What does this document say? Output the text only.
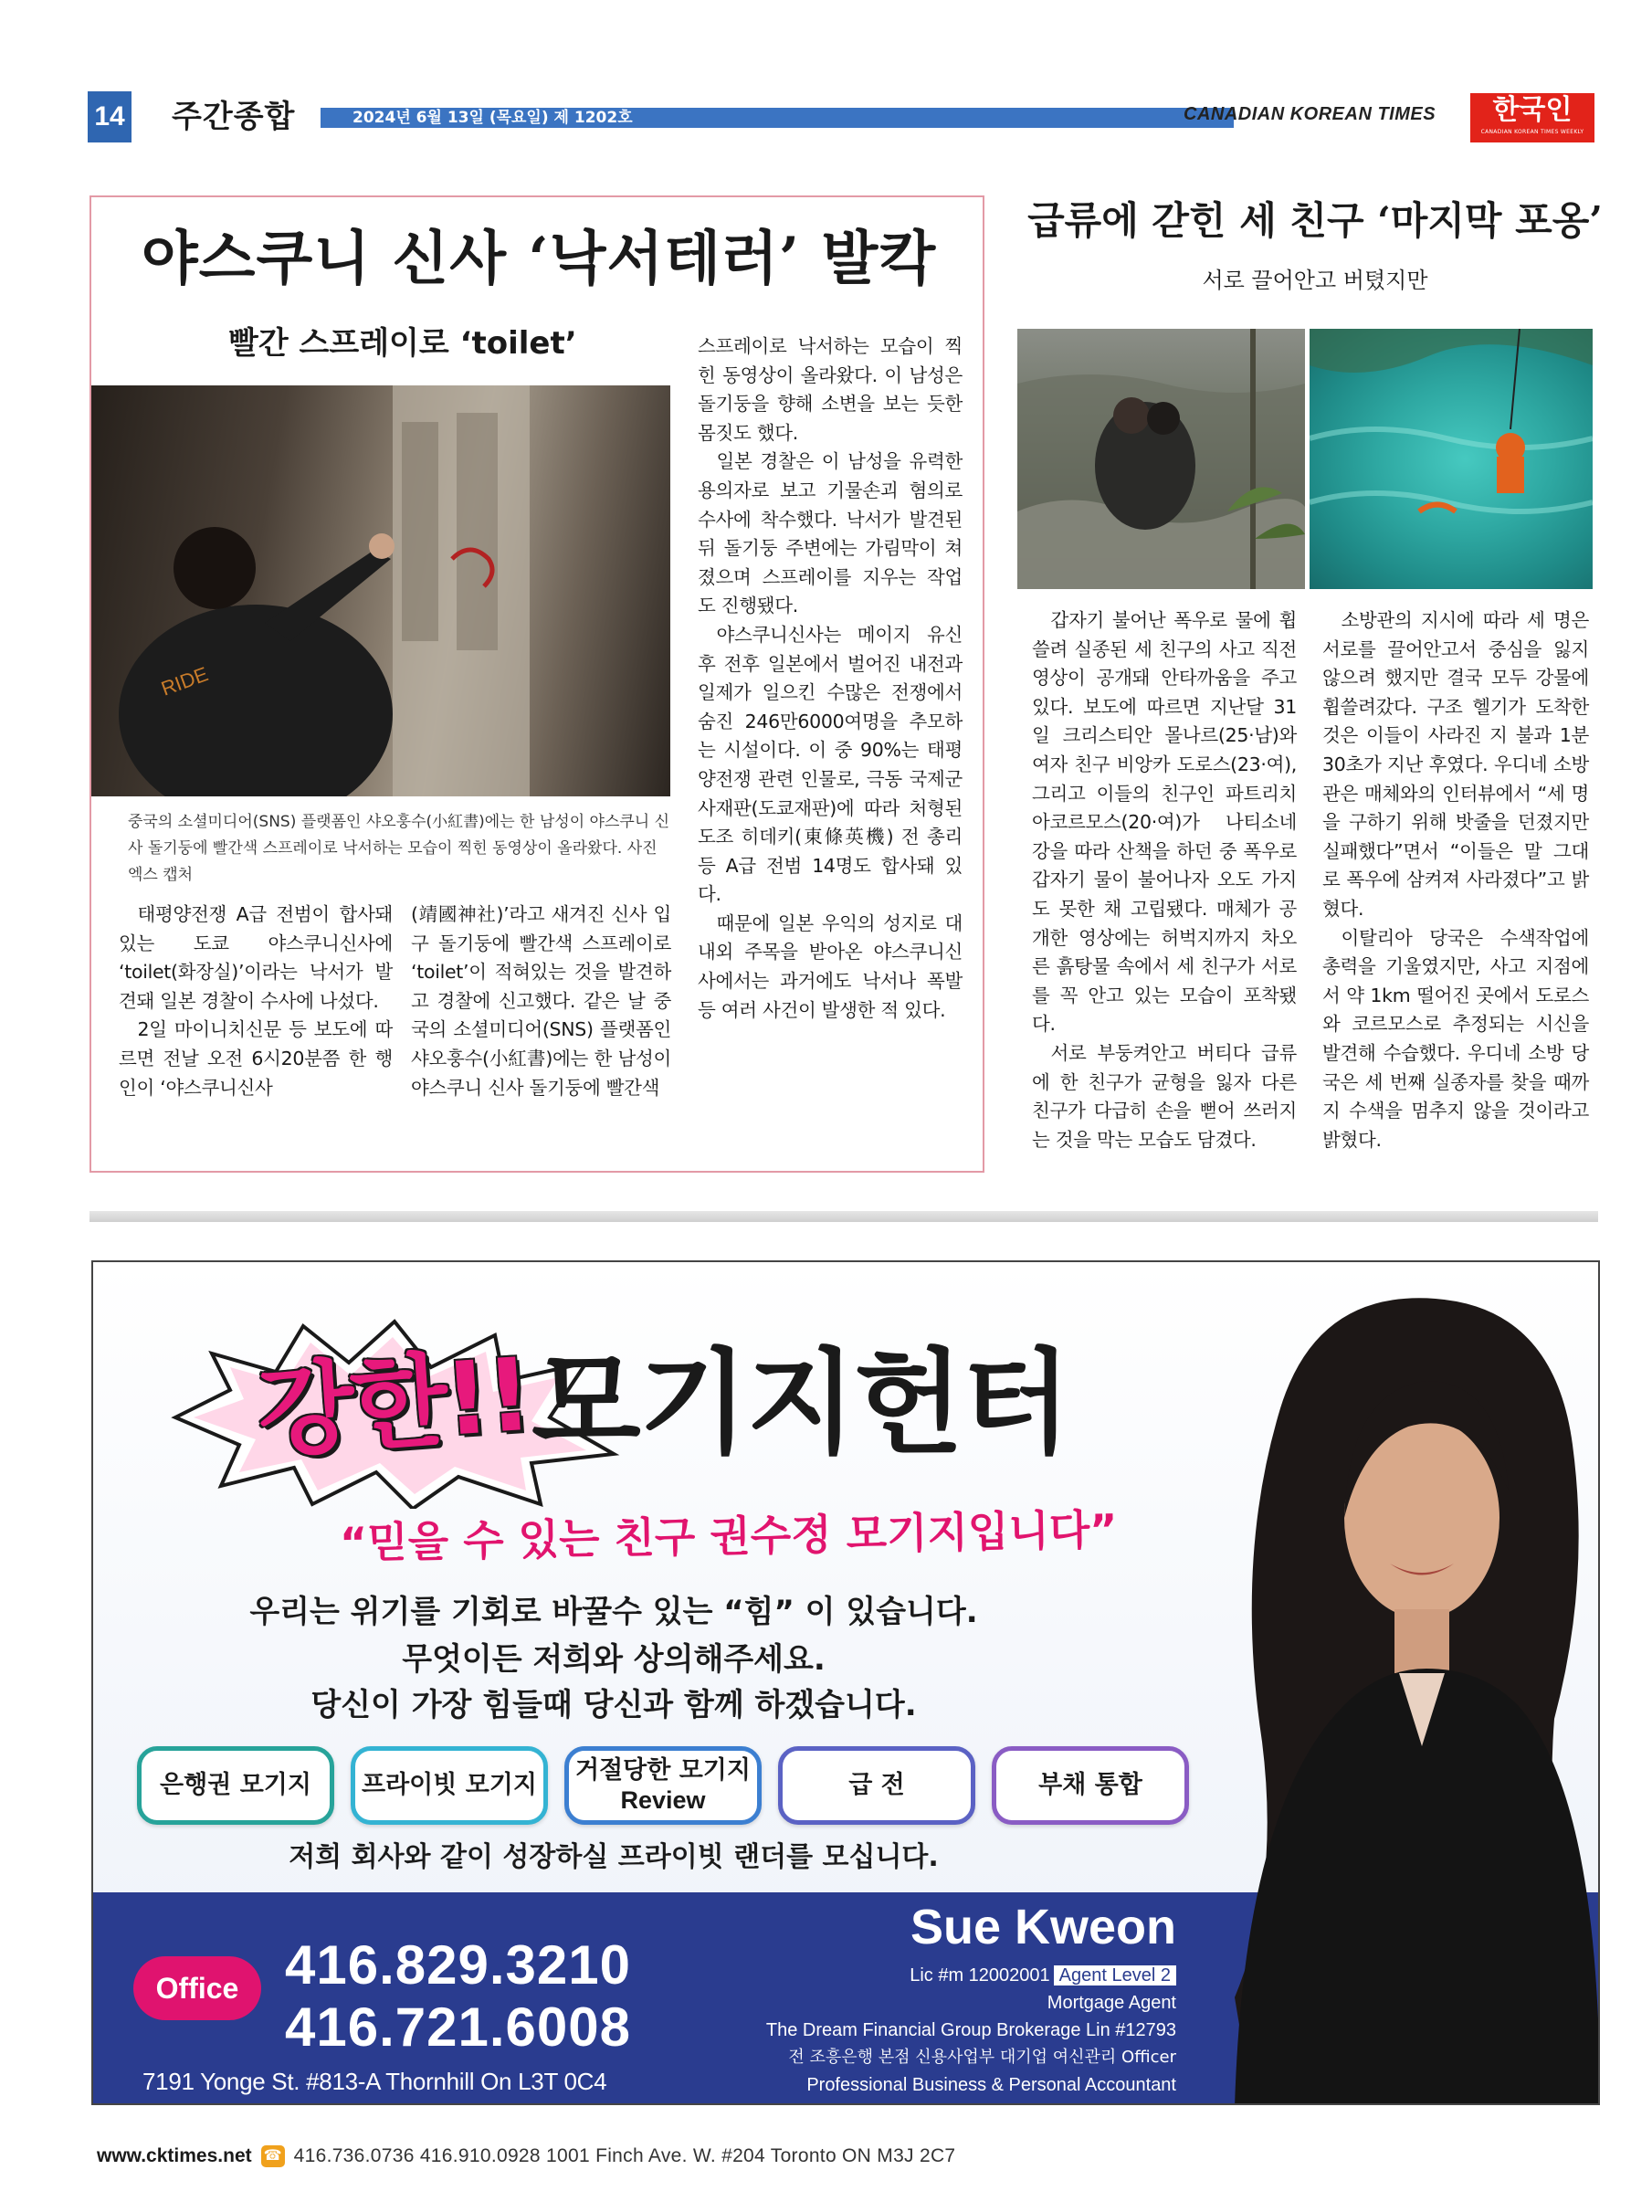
14 주간종합	2024년 6월 13일 (목요일) 제 1202호	CANADIAN KOREAN TIMES	한국인
CANADIAN KOREAN TIMES WEEKLY
야스쿠니 신사 ‘낙서테러’ 발칵
빨간 스프레이로 ‘toilet’
RIDE
중국의 소셜미디어(SNS) 플랫폼인 샤오훙수(小紅書)에는 한 남성이 야스쿠니 신사 돌기둥에 빨간색 스프레이로 낙서하는 모습이 찍힌 동영상이 올라왔다. 사진 엑스 캡처

태평양전쟁 A급 전범이 합사돼 있는 도쿄 야스쿠니신사에 ‘toilet(화장실)’이라는 낙서가 발견돼 일본 경찰이 수사에 나섰다.

2일 마이니치신문 등 보도에 따르면 전날 오전 6시20분쯤 한 행인이 ‘야스쿠니신사

(靖國神社)’라고 새겨진 신사 입구 돌기둥에 빨간색 스프레이로 ‘toilet’이 적혀있는 것을 발견하고 경찰에 신고했다. 같은 날 중국의 소셜미디어(SNS) 플랫폼인 샤오훙수(小紅書)에는 한 남성이 야스쿠니 신사 돌기둥에 빨간색

스프레이로 낙서하는 모습이 찍힌 동영상이 올라왔다. 이 남성은 돌기둥을 향해 소변을 보는 듯한 몸짓도 했다.

일본 경찰은 이 남성을 유력한 용의자로 보고 기물손괴 혐의로 수사에 착수했다. 낙서가 발견된 뒤 돌기둥 주변에는 가림막이 쳐졌으며 스프레이를 지우는 작업도 진행됐다.

야스쿠니신사는 메이지 유신 후 전후 일본에서 벌어진 내전과 일제가 일으킨 수많은 전쟁에서 숨진 246만6000여명을 추모하는 시설이다. 이 중 90%는 태평양전쟁 관련 인물로, 극동 국제군사재판(도쿄재판)에 따라 처형된 도조 히데키(東條英機) 전 총리 등 A급 전범 14명도 합사돼 있다.

때문에 일본 우익의 성지로 대내외 주목을 받아온 야스쿠니신사에서는 과거에도 낙서나 폭발 등 여러 사건이 발생한 적 있다.

급류에 갇힌 세 친구 ‘마지막 포옹’
서로 끌어안고 버텼지만

갑자기 불어난 폭우로 물에 휩쓸려 실종된 세 친구의 사고 직전 영상이 공개돼 안타까움을 주고 있다. 보도에 따르면 지난달 31일 크리스티안 몰나르(25·남)와 여자 친구 비앙카 도로스(23·여), 그리고 이들의 친구인 파트리치아코르모스(20·여)가 나티소네 강을 따라 산책을 하던 중 폭우로 갑자기 물이 불어나자 오도 가지도 못한 채 고립됐다. 매체가 공개한 영상에는 허벅지까지 차오른 흙탕물 속에서 세 친구가 서로를 꼭 안고 있는 모습이 포착됐다.

서로 부둥켜안고 버티다 급류에 한 친구가 균형을 잃자 다른 친구가 다급히 손을 뻗어 쓰러지는 것을 막는 모습도 담겼다.

소방관의 지시에 따라 세 명은 서로를 끌어안고서 중심을 잃지 않으려 했지만 결국 모두 강물에 휩쓸려갔다. 구조 헬기가 도착한 것은 이들이 사라진 지 불과 1분 30초가 지난 후였다. 우디네 소방관은 매체와의 인터뷰에서 “세 명을 구하기 위해 밧줄을 던졌지만 실패했다”면서 “이들은 말 그대로 폭우에 삼켜져 사라졌다”고 밝혔다.

이탈리아 당국은 수색작업에 총력을 기울였지만, 사고 지점에서 약 1km 떨어진 곳에서 도로스와 코르모스로 추정되는 시신을 발견해 수습했다. 우디네 소방 당국은 세 번째 실종자를 찾을 때까지 수색을 멈추지 않을 것이라고 밝혔다.

강한!! 모기지헌터
“믿을 수 있는 친구 권수정 모기지입니다”
우리는 위기를 기회로 바꿀수 있는 “힘” 이 있습니다.
무엇이든 저희와 상의해주세요.
당신이 가장 힘들때 당신과 함께 하겠습니다.
은행권 모기지 프라이빗 모기지
거절당한 모기지
Review
급 전	부채 통합
저희 회사와 같이 성장하실 프라이빗 랜더를 모십니다.
Office 416.829.3210
416.721.6008
7191 Yonge St. #813-A Thornhill On L3T 0C4
Sue Kweon
Lic #m 12002001 Agent Level 2
Mortgage Agent
The Dream Financial Group Brokerage Lin #12793
전 조흥은행 본점 신용사업부 대기업 여신관리 Officer
Professional Business & Personal Accountant
www.cktimes.net ☎ 416.736.0736 416.910.0928 1001 Finch Ave. W. #204 Toronto ON M3J 2C7
